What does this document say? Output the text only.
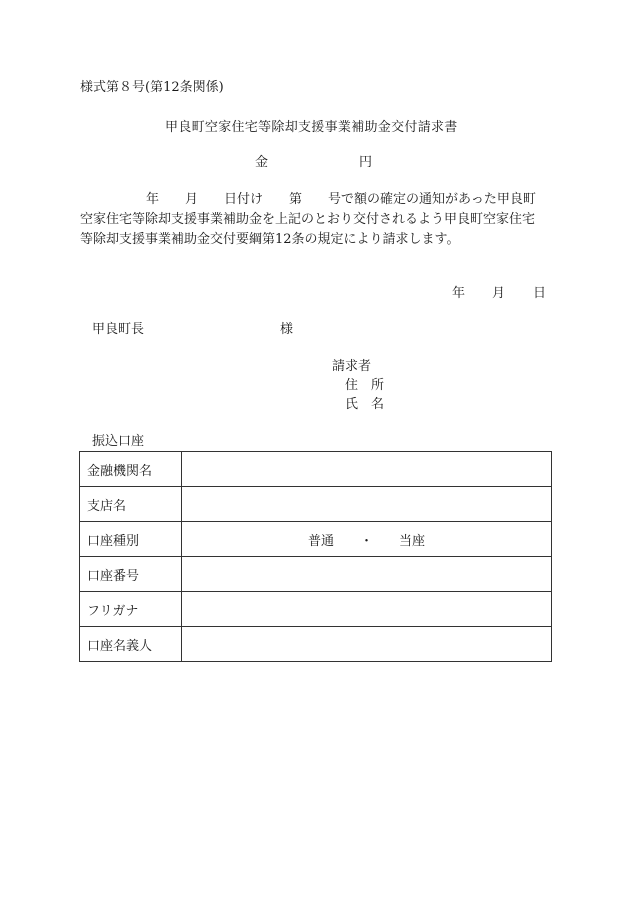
様式第８号(第12条関係)
甲良町空家住宅等除却支援事業補助金交付請求書
金	円
年　　月　　日付け　　第　　号で額の確定の通知があった甲良町
空家住宅等除却支援事業補助金を上記のとおり交付されるよう甲良町空家住宅
等除却支援事業補助金交付要綱第12条の規定により請求します。
年 月 日
甲良町長	様
請求者
住　所
氏　名
振込口座
金融機関名	
支店名	
口座種別	普通　　・　　当座
口座番号	
フリガナ	
口座名義人	
